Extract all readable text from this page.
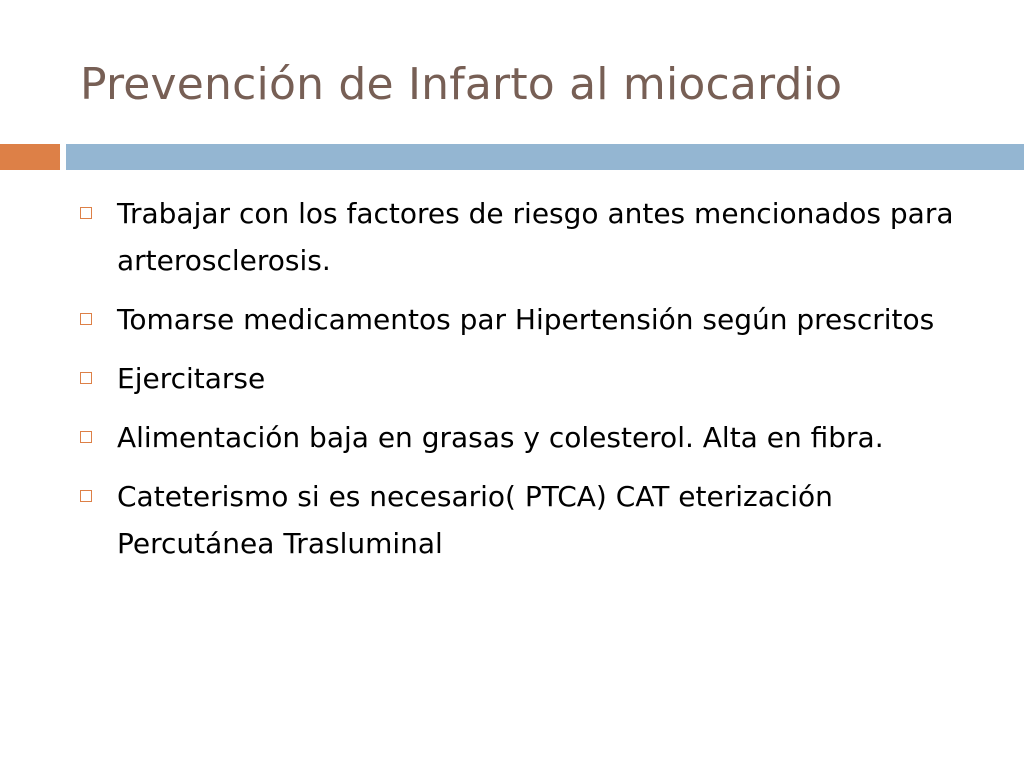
Prevención de Infarto al miocardio
Trabajar con los factores de riesgo antes mencionados para arterosclerosis.
Tomarse medicamentos par Hipertensión según prescritos
Ejercitarse
Alimentación baja en grasas y colesterol. Alta en fibra.
Cateterismo si es necesario( PTCA) CAT eterización Percutánea Trasluminal
